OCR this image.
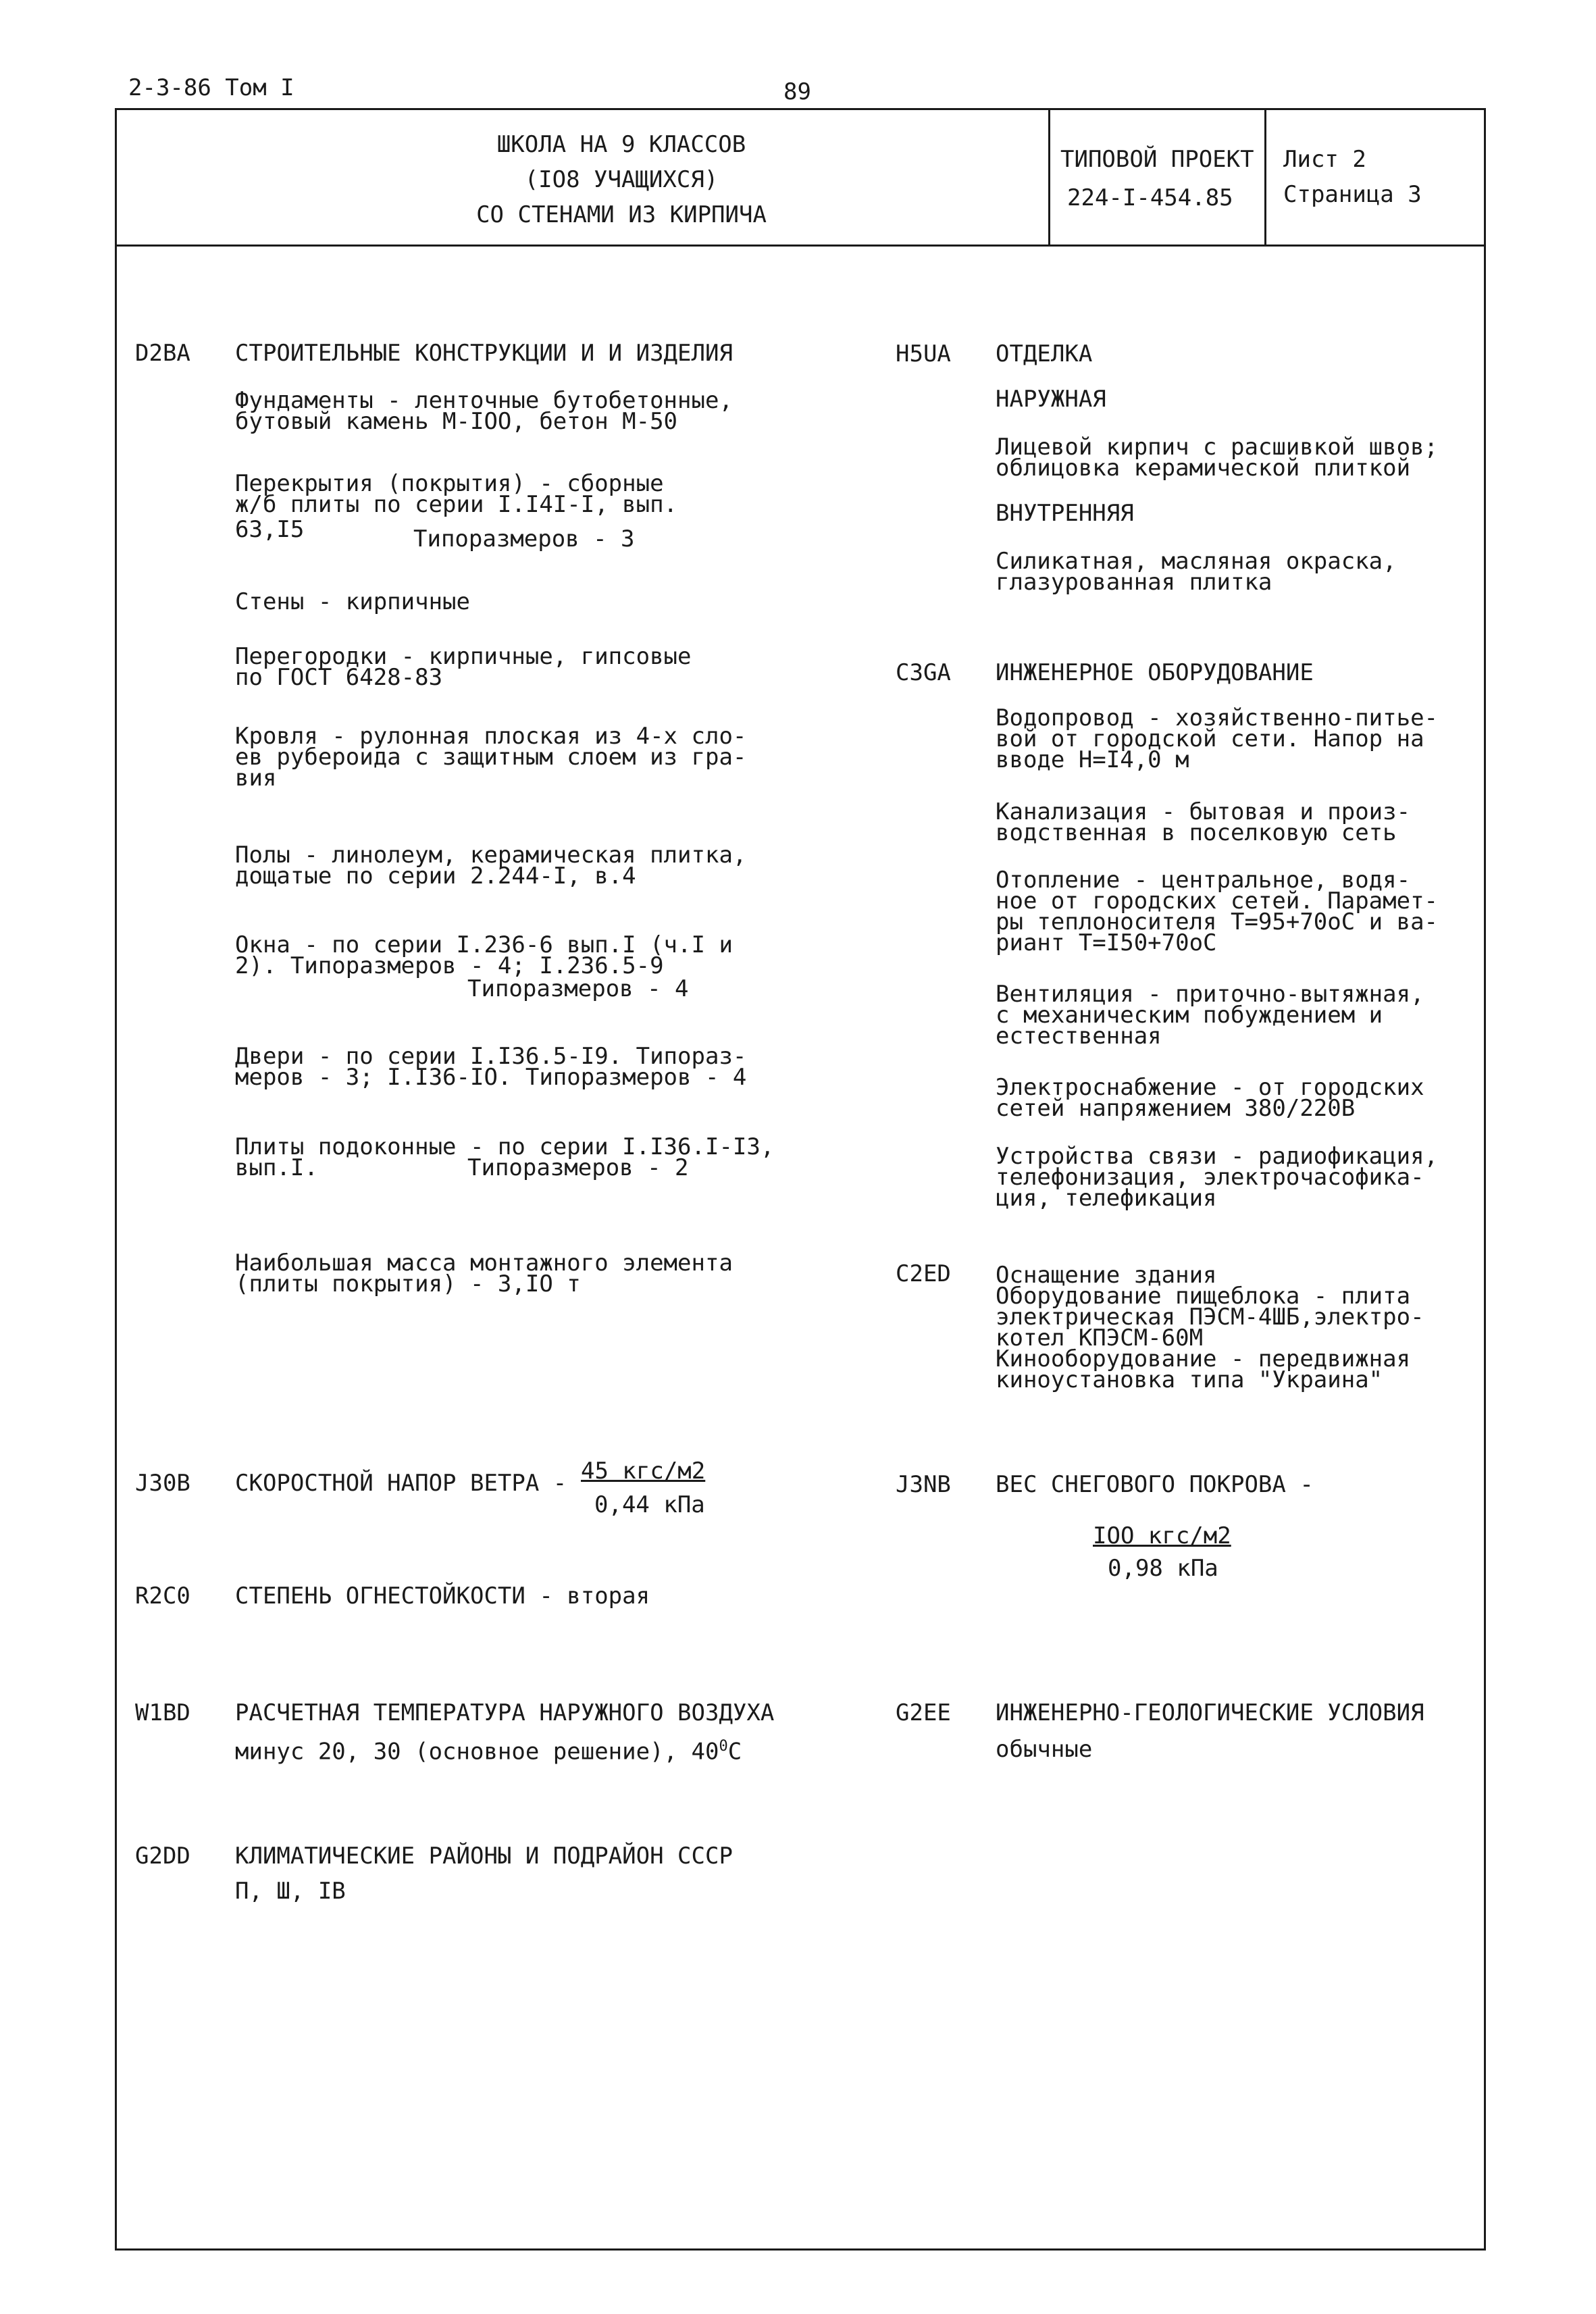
2-3-86 Том I	89
ШКОЛА НА 9 КЛАССОВ
(IO8 УЧАЩИХСЯ)
СО СТЕНАМИ ИЗ КИРПИЧА
ТИПОВОЙ ПРОЕКТ
224-I-454.85
Лист 2
Страница 3
D2BA СТРОИТЕЛЬНЫЕ КОНСТРУКЦИИ И И ИЗДЕЛИЯ
Фундаменты - ленточные бутобетонные,
бутовый камень М-IOO, бетон М-50
Перекрытия (покрытия) - сборные
ж/б плиты по серии I.I4I-I, вып.
63,I5	Типоразмеров - 3
Стены - кирпичные
Перегородки - кирпичные, гипсовые
по ГОСТ 6428-83
Кровля - рулонная плоская из 4-х сло-
ев рубероида с защитным слоем из гра-
вия
Полы - линолеум, керамическая плитка,
дощатые по серии 2.244-I, в.4
Окна - по серии I.236-6 вып.I (ч.I и
2). Типоразмеров - 4; I.236.5-9
Типоразмеров - 4
Двери - по серии I.I36.5-I9. Типораз-
меров - 3; I.I36-IO. Типоразмеров - 4
Плиты подоконные - по серии I.I36.I-I3,
вып.I.	Типоразмеров - 2
Наибольшая масса монтажного элемента
(плиты покрытия) - 3,IO т
J30B СКОРОСТНОЙ НАПОР ВЕТРА - 45 кгс/м2
0,44 кПа
R2C0 СТЕПЕНЬ ОГНЕСТОЙКОСТИ - вторая
W1BD РАСЧЕТНАЯ ТЕМПЕРАТУРА НАРУЖНОГО ВОЗДУХА
минус 20, 30 (основное решение), $40^0С$
G2DD КЛИМАТИЧЕСКИЕ РАЙОНЫ И ПОДРАЙОН СССР
П, Ш, IВ
H5UA ОТДЕЛКА
НАРУЖНАЯ
Лицевой кирпич с расшивкой швов;
облицовка керамической плиткой
ВНУТРЕННЯЯ
Силикатная, масляная окраска,
глазурованная плитка
C3GA ИНЖЕНЕРНОЕ ОБОРУДОВАНИЕ
Водопровод - хозяйственно-питье-
вой от городской сети. Напор на
вводе Н=I4,0 м
Канализация - бытовая и произ-
водственная в поселковую сеть
Отопление - центральное, водя-
ное от городских сетей. Парамет-
ры теплоносителя Т=95+70оС и ва-
риант Т=I50+70оС
Вентиляция - приточно-вытяжная,
с механическим побуждением и
естественная
Электроснабжение - от городских
сетей напряжением 380/220В
Устройства связи - радиофикация,
телефонизация, электрочасофика-
ция, телефикация
C2ED Оснащение здания
Оборудование пищеблока - плита
электрическая ПЭСМ-4ШБ,электро-
котел КПЭСМ-60М
Кинооборудование - передвижная
киноустановка типа "Украина"
J3NB ВЕС СНЕГОВОГО ПОКРОВА -
IOO кгс/м2
0,98 кПа
G2EE ИНЖЕНЕРНО-ГЕОЛОГИЧЕСКИЕ УСЛОВИЯ
обычные
